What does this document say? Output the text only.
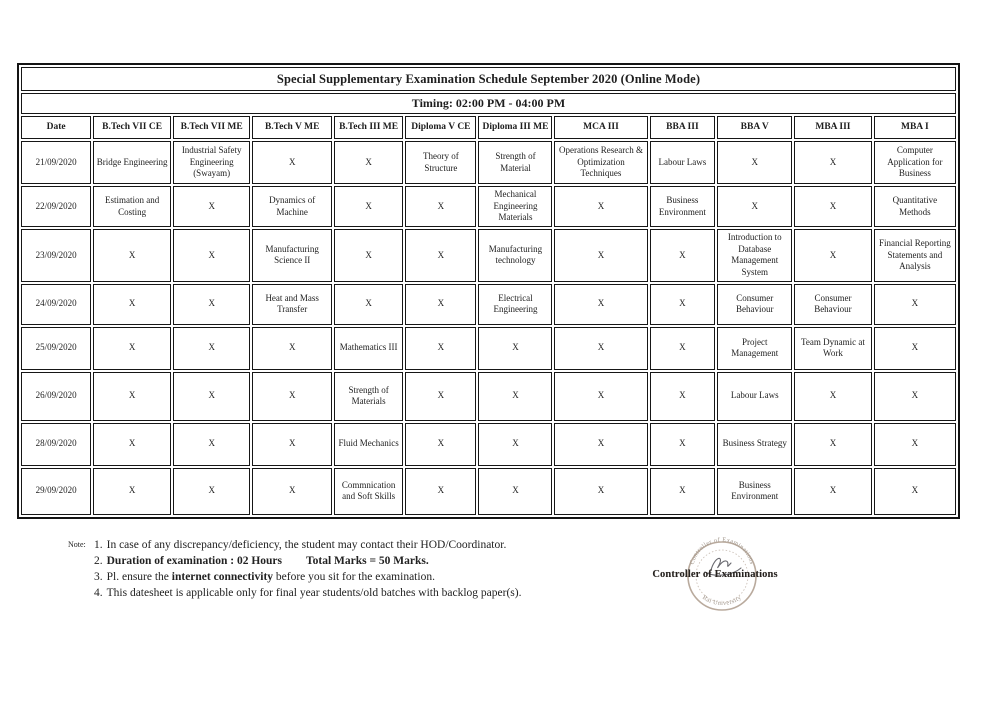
Special Supplementary Examination Schedule September 2020 (Online Mode)											
Timing: 02:00 PM - 04:00 PM											
Date	B.Tech VII CE	B.Tech VII ME	B.Tech V ME	B.Tech III ME	Diploma V CE	Diploma III ME	MCA III	BBA III	BBA V	MBA III	MBA I
21/09/2020	Bridge Engineering	Industrial Safety Engineering (Swayam)	X	X	Theory of Structure	Strength of Material	Operations Research & Optimization Techniques	Labour Laws	X	X	Computer Application for Business
22/09/2020	Estimation and Costing	X	Dynamics of Machine	X	X	Mechanical Engineering Materials	X	Business Environment	X	X	Quantitative Methods
23/09/2020	X	X	Manufacturing Science II	X	X	Manufacturing technology	X	X	Introduction to Database Management System	X	Financial Reporting Statements and Analysis
24/09/2020	X	X	Heat and Mass Transfer	X	X	Electrical Engineering	X	X	Consumer Behaviour	Consumer Behaviour	X
25/09/2020	X	X	X	Mathematics III	X	X	X	X	Project Management	Team Dynamic at Work	X
26/09/2020	X	X	X	Strength of Materials	X	X	X	X	Labour Laws	X	X
28/09/2020	X	X	X	Fluid Mechanics	X	X	X	X	Business Strategy	X	X
29/09/2020	X	X	X	Commnication and Soft Skills	X	X	X	X	Business Environment	X	X
Note: 1. In case of any discrepancy/deficiency, the student may contact their HOD/Coordinator.
2. Duration of examination : 02 Hours Total Marks = 50 Marks.
3. Pl. ensure the internet connectivity before you sit for the examination.
4. This datesheet is applicable only for final year students/old batches with backlog paper(s).
Controller of Examinations
Rai University
Controller of Examinations
